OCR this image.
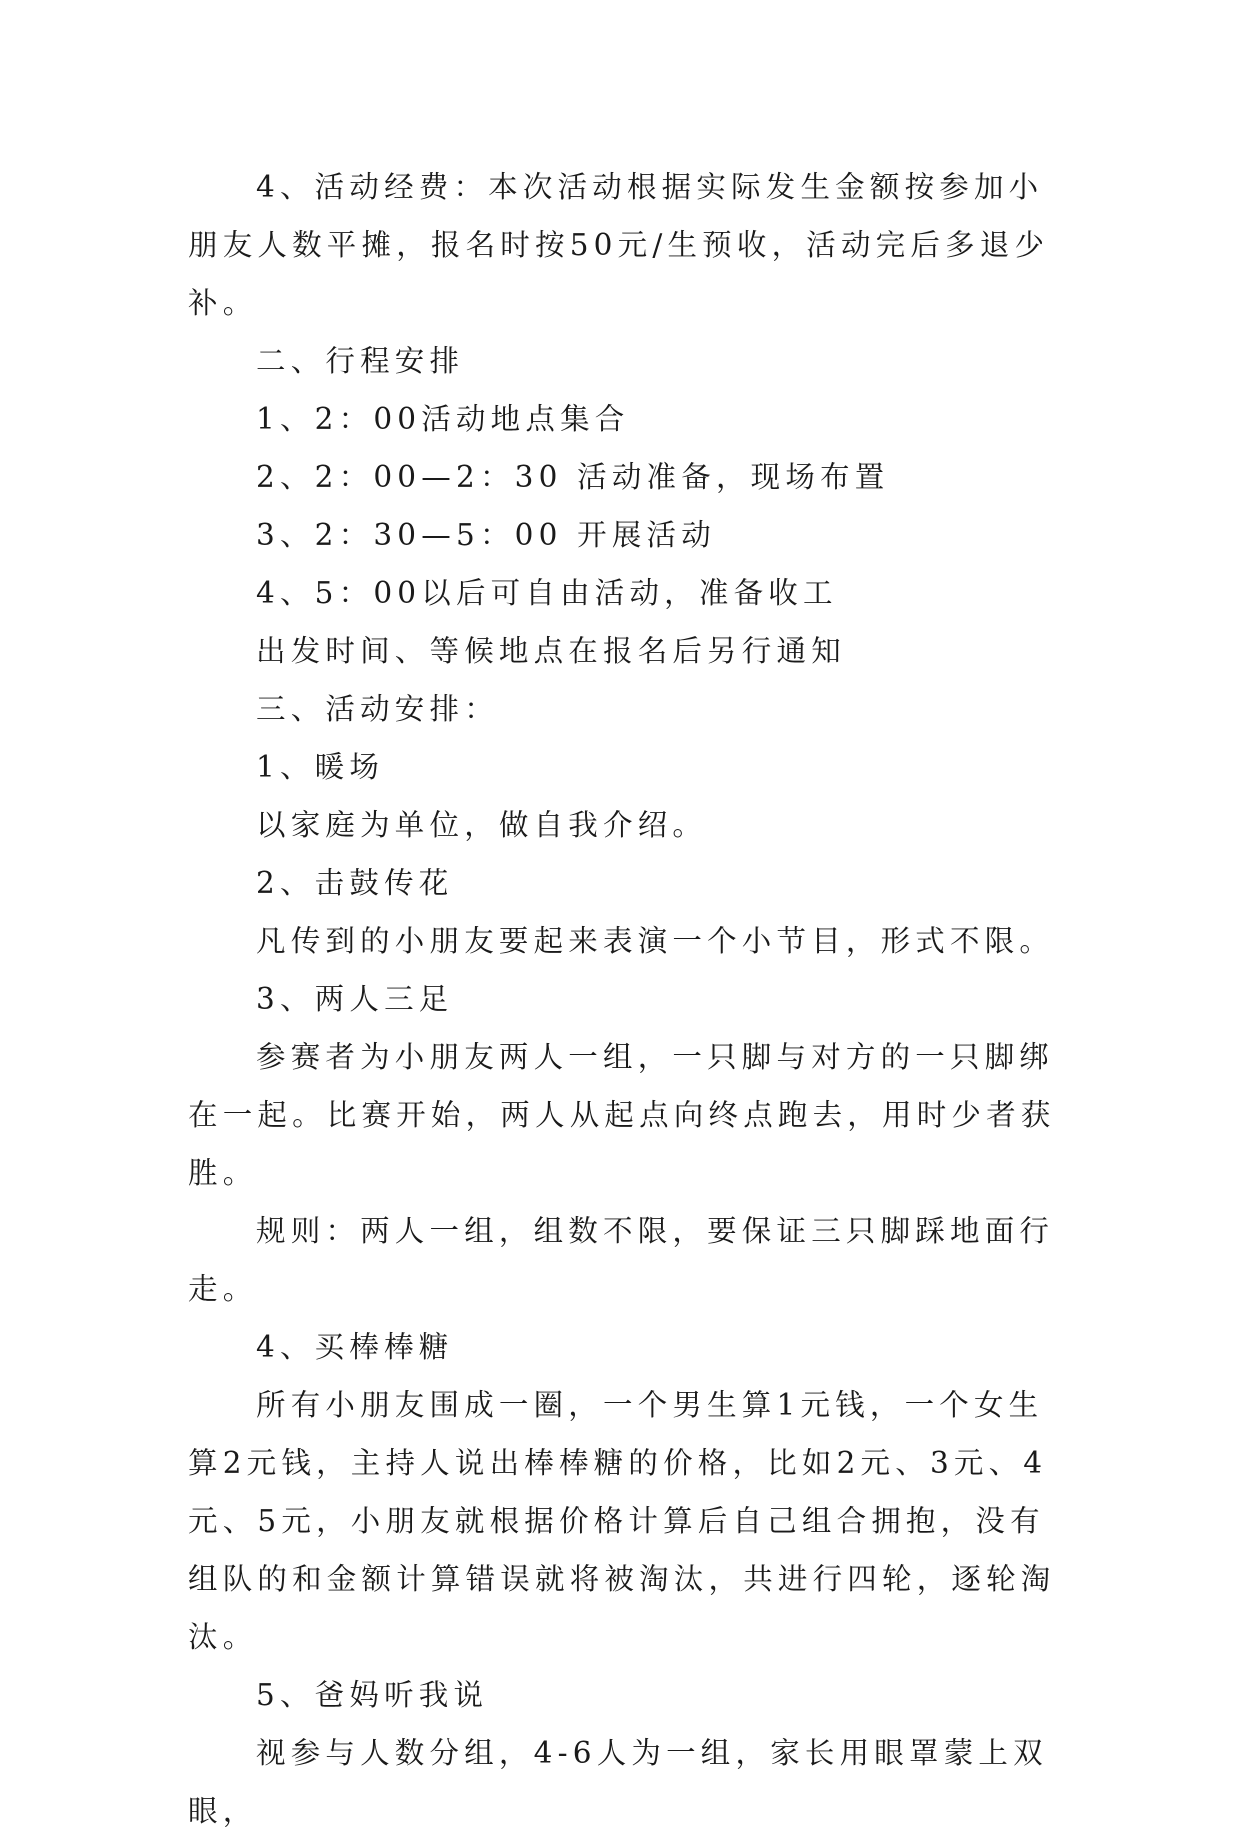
4、活动经费：本次活动根据实际发生金额按参加小朋友人数平摊，报名时按50元/生预收，活动完后多退少补。

二、行程安排

1、2：00活动地点集合

2、2：00—2：30 活动准备，现场布置

3、2：30—5：00 开展活动

4、5：00以后可自由活动，准备收工

出发时间、等候地点在报名后另行通知

三、活动安排：

1、暖场

以家庭为单位，做自我介绍。

2、击鼓传花

凡传到的小朋友要起来表演一个小节目，形式不限。

3、两人三足

参赛者为小朋友两人一组，一只脚与对方的一只脚绑在一起。比赛开始，两人从起点向终点跑去，用时少者获胜。

规则：两人一组，组数不限，要保证三只脚踩地面行走。

4、买棒棒糖

所有小朋友围成一圈，一个男生算1元钱，一个女生算2元钱，主持人说出棒棒糖的价格，比如2元、3元、4元、5元，小朋友就根据价格计算后自己组合拥抱，没有组队的和金额计算错误就将被淘汰，共进行四轮，逐轮淘汰。

5、爸妈听我说

视参与人数分组，4-6人为一组，家长用眼罩蒙上双眼，
